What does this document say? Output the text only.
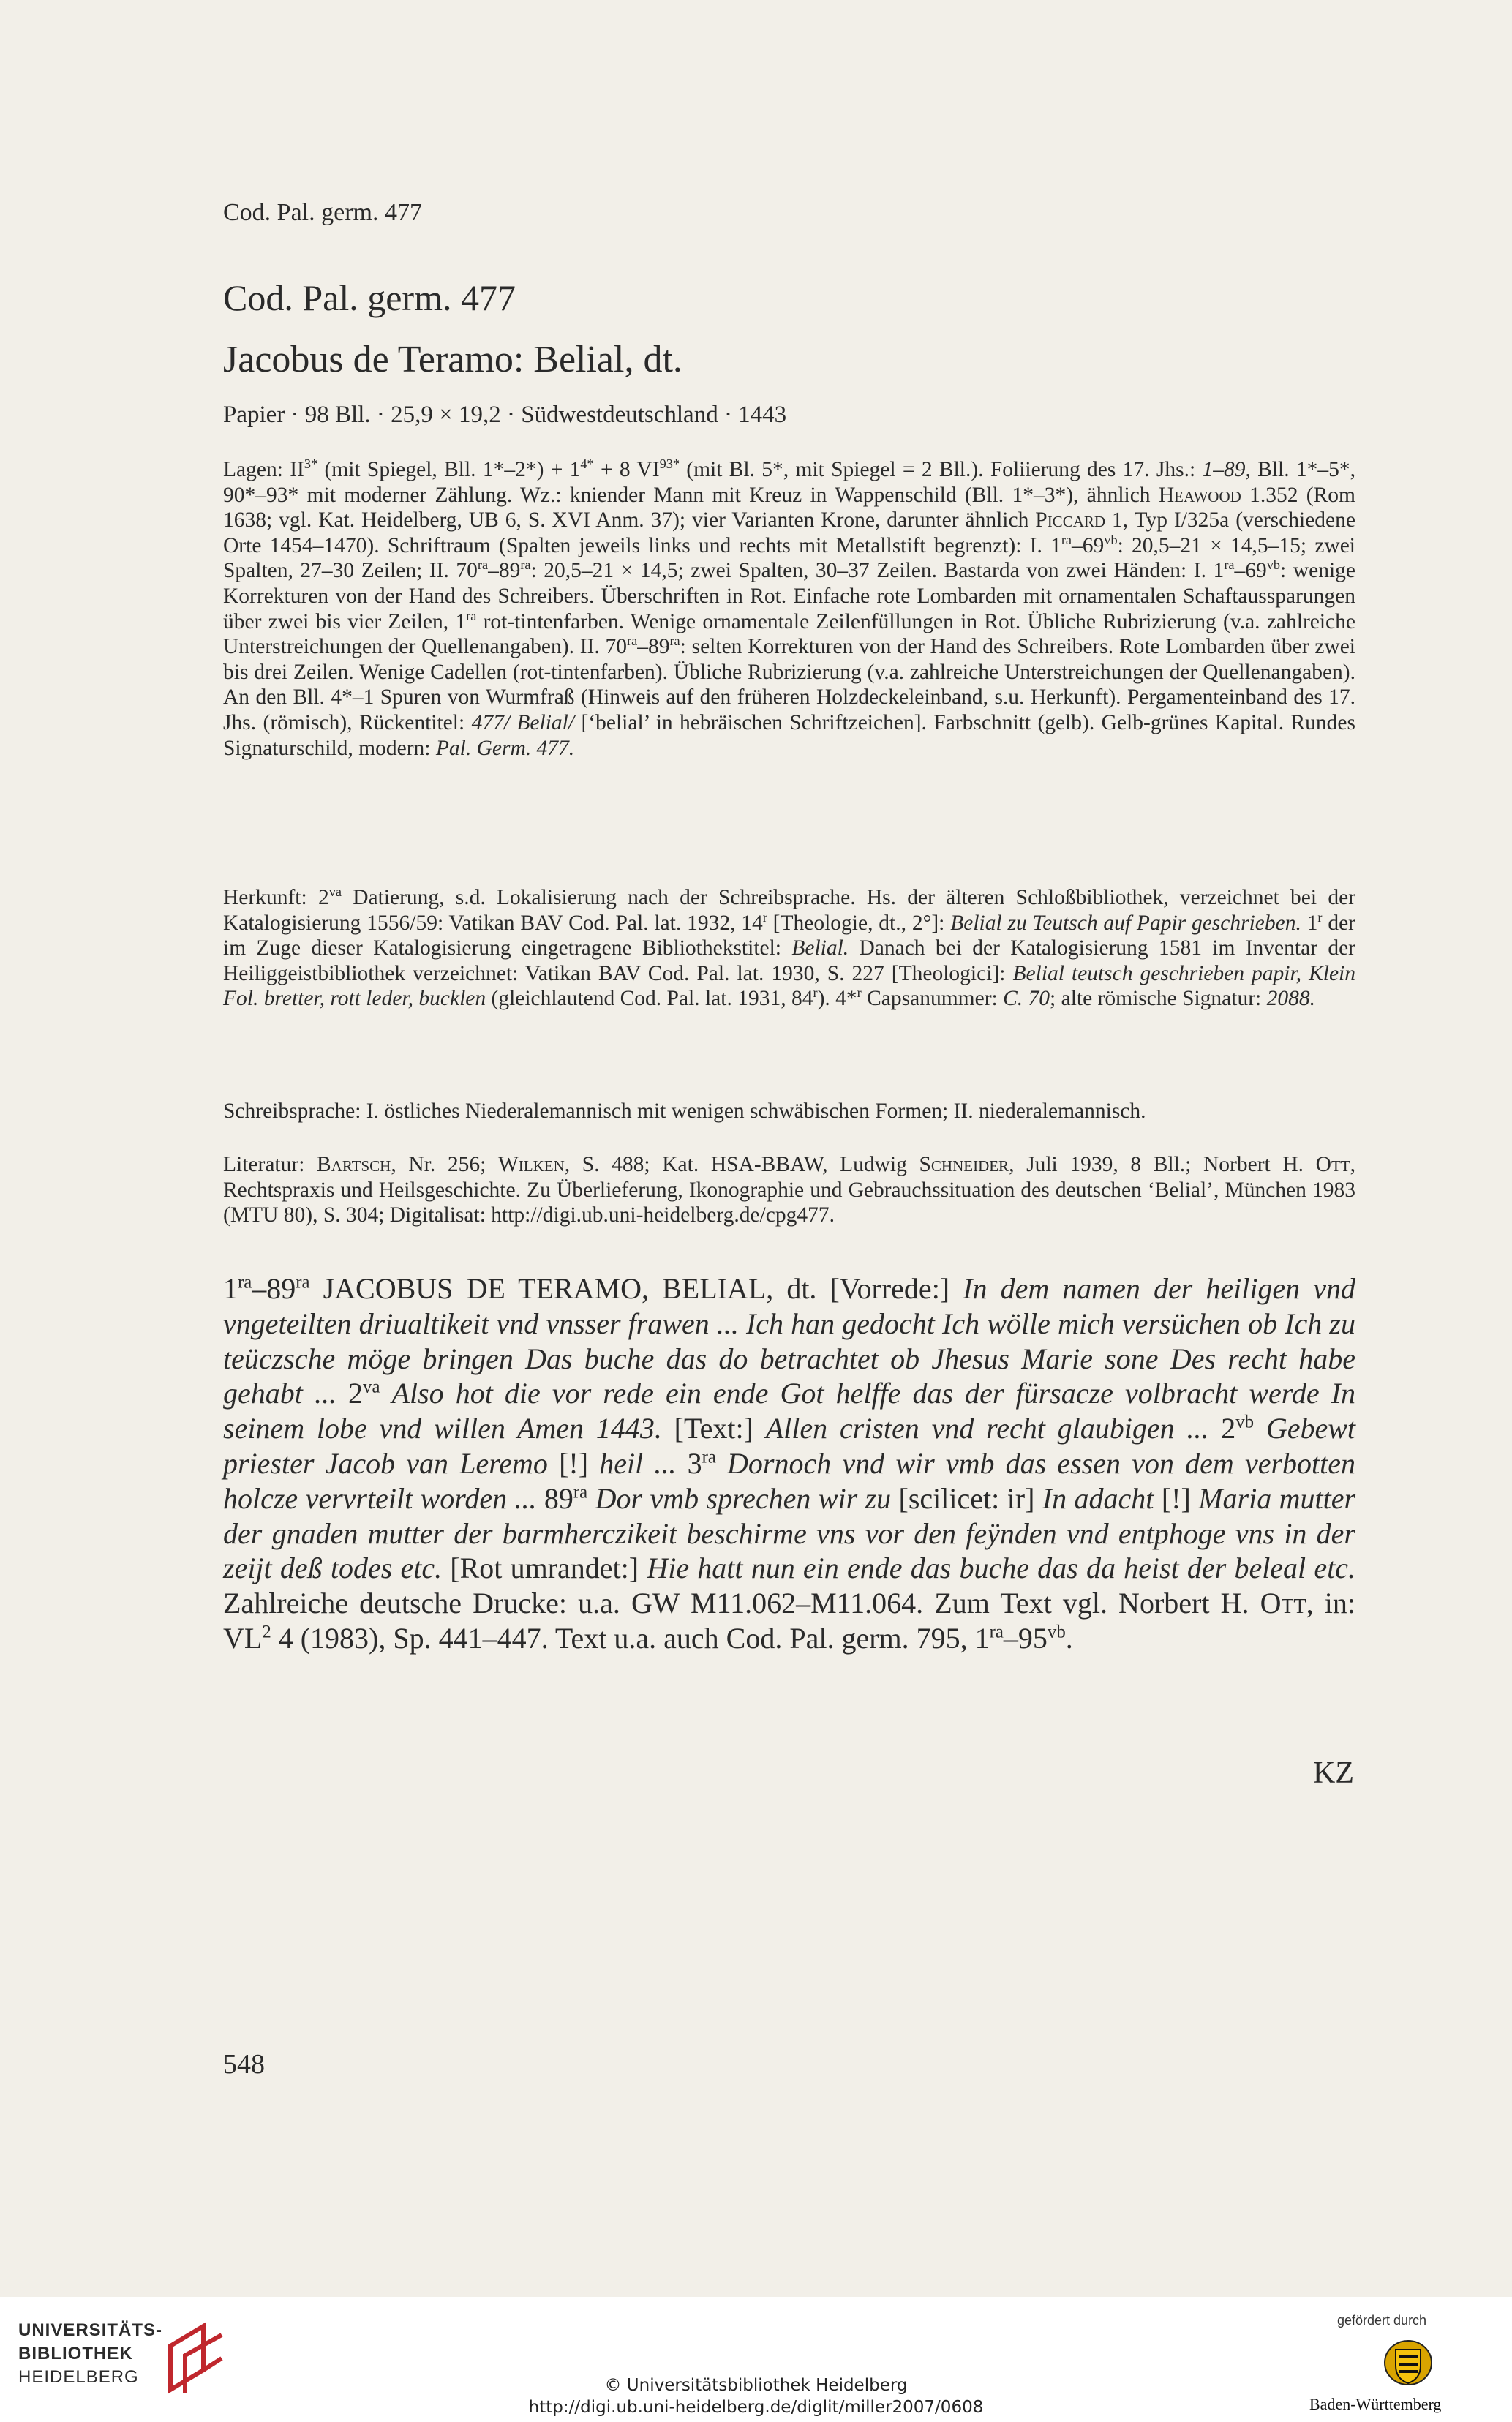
Cod. Pal. germ. 477
Cod. Pal. germ. 477
Jacobus de Teramo: Belial, dt.
Papier · 98 Bll. · 25,9 × 19,2 · Südwestdeutschland · 1443
Lagen: $II^{3*}$ (mit Spiegel, Bll. $1*-2*) + 1^{4*} + 8$ $VI^{93*}$ (mit Bl. 5*, mit Spiegel = 2 Bll.). Foliierung des 17. Jhs.: 1–89, Bll. 1*–5*, 90*–93* mit moderner Zählung. Wz.: kniender Mann mit Kreuz in Wappenschild (Bll. 1*–3*), ähnlich Heawood 1.352 (Rom 1638; vgl. Kat. Heidelberg, UB 6, S. XVI Anm. 37); vier Varianten Krone, darunter ähnlich Piccard 1, Typ I/325a (verschiedene Orte 1454–1470). Schriftraum (Spalten jeweils links und rechts mit Metallstift begrenzt): I. $1^{ra}-69^{vb}$: 20,5–21 × 14,5–15; zwei Spalten, 27–30 Zeilen; II. $70^{ra}-89^{ra}$: 20,5–21 × 14,5; zwei Spalten, 30–37 Zeilen. Bastarda von zwei Händen: I. $1^{ra}-69^{vb}$: wenige Korrekturen von der Hand des Schreibers. Überschriften in Rot. Einfache rote Lombarden mit ornamentalen Schaftaussparungen über zwei bis vier Zeilen, $1^{ra}$ rot-tintenfarben. Wenige ornamentale Zeilenfüllungen in Rot. Übliche Rubrizierung (v.a. zahlreiche Unterstreichungen der Quellenangaben). II. $70^{ra}-89^{ra}$: selten Korrekturen von der Hand des Schreibers. Rote Lombarden über zwei bis drei Zeilen. Wenige Cadellen (rot-tintenfarben). Übliche Rubrizierung (v.a. zahlreiche Unterstreichungen der Quellenangaben). An den Bll. 4*–1 Spuren von Wurmfraß (Hinweis auf den früheren Holzdeckeleinband, s.u. Herkunft). Pergamenteinband des 17. Jhs. (römisch), Rückentitel: 477/ Belial/ [‘belial’ in hebräischen Schriftzeichen]. Farbschnitt (gelb). Gelb-grünes Kapital. Rundes Signaturschild, modern: Pal. Germ. 477.
Herkunft: $2^{va}$ Datierung, s.d. Lokalisierung nach der Schreibsprache. Hs. der älteren Schloßbibliothek, verzeichnet bei der Katalogisierung 1556/59: Vatikan BAV Cod. Pal. lat. 1932, 14$^r$ [Theologie, dt., 2°]: Belial zu Teutsch auf Papir geschrieben. 1$^r$ der im Zuge dieser Katalogisierung eingetragene Bibliothekstitel: Belial. Danach bei der Katalogisierung 1581 im Inventar der Heiliggeistbibliothek verzeichnet: Vatikan BAV Cod. Pal. lat. 1930, S. 227 [Theologici]: Belial teutsch geschrieben papir, Klein Fol. bretter, rott leder, bucklen (gleichlautend Cod. Pal. lat. 1931, 84$^r$). 4*$^r$ Capsanummer: C. 70; alte römische Signatur: 2088.
Schreibsprache: I. östliches Niederalemannisch mit wenigen schwäbischen Formen; II. niederalemannisch.
Literatur: Bartsch, Nr. 256; Wilken, S. 488; Kat. HSA-BBAW, Ludwig Schneider, Juli 1939, 8 Bll.; Norbert H. Ott, Rechtspraxis und Heilsgeschichte. Zu Überlieferung, Ikonographie und Gebrauchssituation des deutschen ‘Belial’, München 1983 (MTU 80), S. 304; Digitalisat: http://digi.ub.uni-heidelberg.de/cpg477.
$1^{ra}-89^{ra}$ JACOBUS DE TERAMO, BELIAL, dt. [Vorrede:] In dem namen der heiligen vnd vngeteilten driualtikeit vnd vnsser frawen ... Ich han gedocht Ich wölle mich versüchen ob Ich zu teüczsche möge bringen Das buche das do betrachtet ob Jhesus Marie sone Des recht habe gehabt ... $2^{va}$ Also hot die vor rede ein ende Got helffe das der fürsacze volbracht werde In seinem lobe vnd willen Amen 1443. [Text:] Allen cristen vnd recht glaubigen ... $2^{vb}$ Gebewt priester Jacob van Leremo [!] heil ... $3^{ra}$ Dornoch vnd wir vmb das essen von dem verbotten holcze vervrteilt worden ... $89^{ra}$ Dor vmb sprechen wir zu [scilicet: ir] In adacht [!] Maria mutter der gnaden mutter der barmherczikeit beschirme vns vor den feÿnden vnd entphoge vns in der zeijt deß todes etc. [Rot umrandet:] Hie hatt nun ein ende das buche das da heist der beleal etc. Zahlreiche deutsche Drucke: u.a. GW M11.062–M11.064. Zum Text vgl. Norbert H. Ott, in: $VL^2$ 4 (1983), Sp. 441–447. Text u.a. auch Cod. Pal. germ. 795, $1^{ra}-95^{vb}$.
KZ
548
UNIVERSITÄTS-
BIBLIOTHEK
HEIDELBERG	© Universitätsbibliothek Heidelberg
http://digi.ub.uni-heidelberg.de/diglit/miller2007/0608
gefördert durch
Baden-Württemberg
